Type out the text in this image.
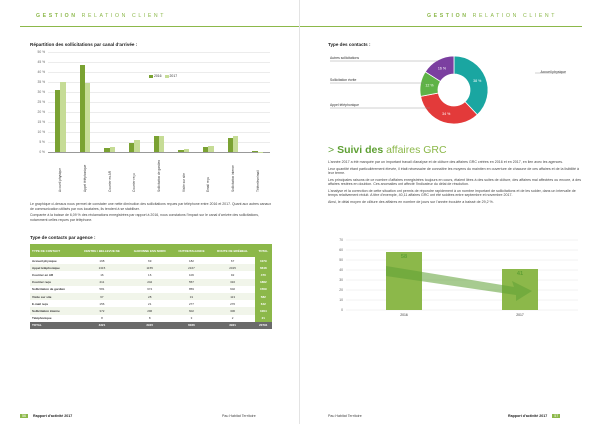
GESTION RELATION CLIENT
Répartition des sollicitations par canal d'arrivée :
0 %
5 %
10 %
15 %
20 %
25 %
30 %
35 %
40 %
45 %
50 %
Accueil physique	Appel téléphonique	Courrier en AR	Courrier reçu	Sollicitation de gardien	Visite sur site	Email reçu	Sollicitation interne	Télérelève/mail
2016 2017

Le graphique ci-dessus nous permet de constater une nette diminution des sollicitations reçues par téléphone entre 2016 et 2017. Quant aux autres canaux de communication utilisés par nos locataires, ils tendent à se stabiliser.

Comparée à la baisse de 6,09 % des réclamations enregistrées par rapport à 2016, nous constatons l'impact sur le canal d'arrivée des sollicitations, notamment celles reçues par téléphone.

Type de contacts par agence :
TYPE DE CONTACT	CENTRE / BELLEVUE NE	GARONNE ESS NORD	OUTRE/TALIANCE	ROUTE DE BRÉBEAL	TOTAL
Accueil physique	168	69	182	67	1079
Appel téléphonique	1315	1155	2167	2015	6648
Courrier en AR	16	16	106	92	470
Courrier reçu	211	242	557	316	1882
Sollicitation de gardien	581	674	859	602	1569
Visite sur site	67	28	31	113	582
E-mail reçu	156	21	277	276	642
Sollicitation interne	372	296	602	306	1064
Téléphonique	8	8	3	2	21
TOTAL	4321	2915	6026	3921	20791
56 Rapport d'activité 2017	Pau Habitat Territoire
GESTION RELATION CLIENT
Type des contacts :
38 %
34 %
12 %
16 %
Accueil physique
Sollicitation écrite
Autres sollicitations
Appel téléphonique
> Suivi des affaires GRC

L'année 2017 a été marquée par un important travail d'analyse et de clôture des affaires GRC créées en 2016 et en 2017, en lien avec les agences.

Leur quantité étant particulièrement élevée, il était nécessaire de connaître les moyens du maintien en ouverture de chacune de ces affaires et de la lisibilité à leur terme.

Les principales raisons de ce nombre d'affaires enregistrées toujours en cours, étaient liées à des suites de clôture, des affaires mal affectées ou encore, à des affaires restées en doublon. Ces anomalies ont affecté l'indicateur du délai de résolution.

L'analyse et la correction de cette situation ont permis de répondre rapidement à un nombre important de sollicitations et de les solder, dans un intervalle de temps relativement réduit. A titre d'exemple, 40,11 affaires GRC ont été soldées entre septembre et novembre 2017.

Ainsi, le délai moyen de clôture des affaires en nombre de jours sur l'année écoulée a baissé de 29,2 %.

0
10
20
30
40
50
60
70
58
2016
41
2017
Pau Habitat Territoire	Rapport d'activité 2017 57
